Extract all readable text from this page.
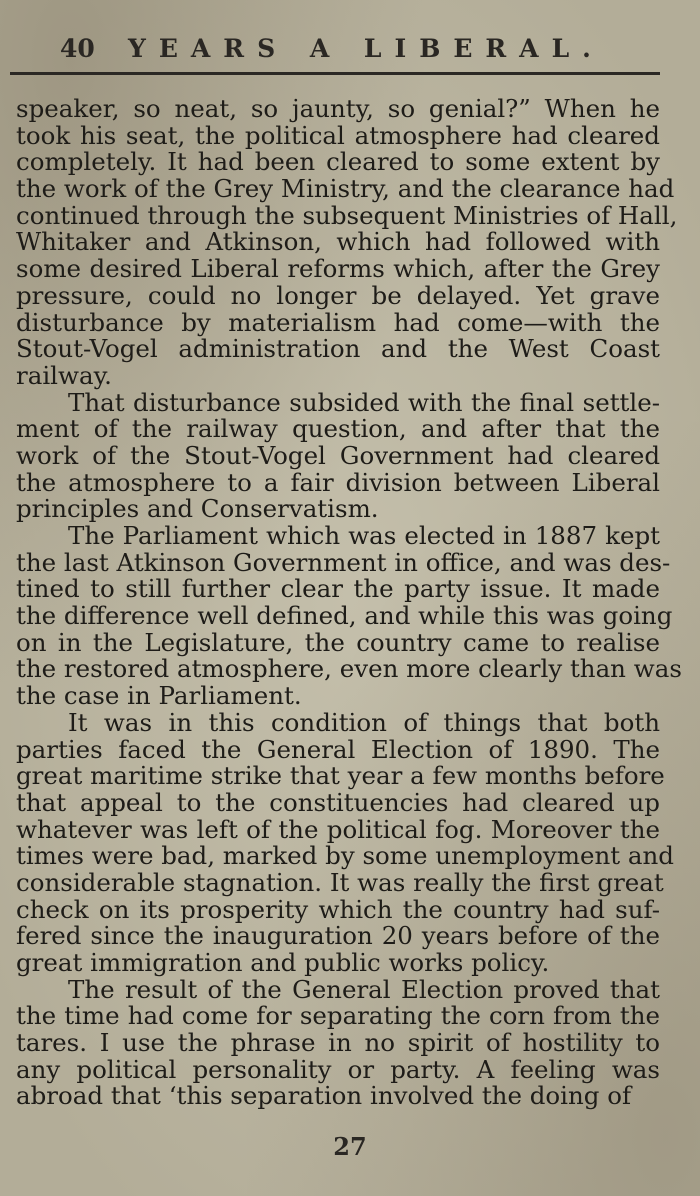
40 YEARS A LIBERAL.
speaker, so neat, so jaunty, so genial?” When he
took his seat, the political atmosphere had cleared
completely. It had been cleared to some extent by
the work of the Grey Ministry, and the clearance had
continued through the subsequent Ministries of Hall,
Whitaker and Atkinson, which had followed with
some desired Liberal reforms which, after the Grey
pressure, could no longer be delayed. Yet grave
disturbance by materialism had come—with the
Stout-Vogel administration and the West Coast
railway.
That disturbance subsided with the final settle-
ment of the railway question, and after that the
work of the Stout-Vogel Government had cleared
the atmosphere to a fair division between Liberal
principles and Conservatism.
The Parliament which was elected in 1887 kept
the last Atkinson Government in office, and was des-
tined to still further clear the party issue. It made
the difference well defined, and while this was going
on in the Legislature, the country came to realise
the restored atmosphere, even more clearly than was
the case in Parliament.
It was in this condition of things that both
parties faced the General Election of 1890. The
great maritime strike that year a few months before
that appeal to the constituencies had cleared up
whatever was left of the political fog. Moreover the
times were bad, marked by some unemployment and
considerable stagnation. It was really the first great
check on its prosperity which the country had suf-
fered since the inauguration 20 years before of the
great immigration and public works policy.
The result of the General Election proved that
the time had come for separating the corn from the
tares. I use the phrase in no spirit of hostility to
any political personality or party. A feeling was
abroad that ‘this separation involved the doing of
27
